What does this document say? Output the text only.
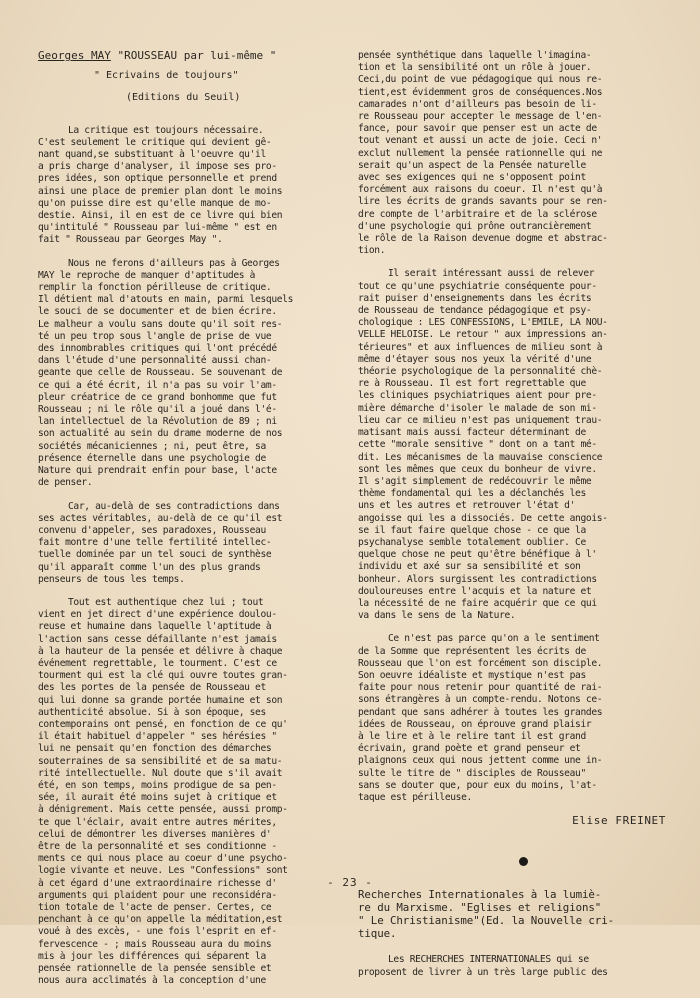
Georges MAY "ROUSSEAU par lui-même "
" Ecrivains de toujours"
(Editions du Seuil)

La critique est toujours nécessaire.
C'est seulement le critique qui devient gê-
nant quand,se substituant à l'oeuvre qu'il
a pris charge d'analyser, il impose ses pro-
pres idées, son optique personnelle et prend
ainsi une place de premier plan dont le moins
qu'on puisse dire est qu'elle manque de mo-
destie. Ainsi, il en est de ce livre qui bien
qu'intitulé " Rousseau par lui-même " est en
fait " Rousseau par Georges May ".

Nous ne ferons d'ailleurs pas à Georges
MAY le reproche de manquer d'aptitudes à
remplir la fonction périlleuse de critique.
Il détient mal d'atouts en main, parmi lesquels
le souci de se documenter et de bien écrire.
Le malheur a voulu sans doute qu'il soit res-
té un peu trop sous l'angle de prise de vue
des innombrables critiques qui l'ont précédé
dans l'étude d'une personnalité aussi chan-
geante que celle de Rousseau. Se souvenant de
ce qui a été écrit, il n'a pas su voir l'am-
pleur créatrice de ce grand bonhomme que fut
Rousseau ; ni le rôle qu'il a joué dans l'é-
lan intellectuel de la Révolution de 89 ; ni
son actualité au sein du drame moderne de nos
sociétés mécaniciennes ; ni, peut être, sa
présence éternelle dans une psychologie de
Nature qui prendrait enfin pour base, l'acte
de penser.

Car, au-delà de ses contradictions dans
ses actes véritables, au-delà de ce qu'il est
convenu d'appeler, ses paradoxes, Rousseau
fait montre d'une telle fertilité intellec-
tuelle dominée par un tel souci de synthèse
qu'il apparaît comme l'un des plus grands
penseurs de tous les temps.

Tout est authentique chez lui ; tout
vient en jet direct d'une expérience doulou-
reuse et humaine dans laquelle l'aptitude à
l'action sans cesse défaillante n'est jamais
à la hauteur de la pensée et délivre à chaque
événement regrettable, le tourment. C'est ce
tourment qui est la clé qui ouvre toutes gran-
des les portes de la pensée de Rousseau et
qui lui donne sa grande portée humaine et son
authenticité absolue. Si à son époque, ses
contemporains ont pensé, en fonction de ce qu'
il était habituel d'appeler " ses hérésies "
lui ne pensait qu'en fonction des démarches
souterraines de sa sensibilité et de sa matu-
rité intellectuelle. Nul doute que s'il avait
été, en son temps, moins prodigue de sa pen-
sée, il aurait été moins sujet à critique et
à dénigrement. Mais cette pensée, aussi promp-
te que l'éclair, avait entre autres mérites,
celui de démontrer les diverses manières d'
être de la personnalité et ses conditionne -
ments ce qui nous place au coeur d'une psycho-
logie vivante et neuve. Les "Confessions" sont
à cet égard d'une extraordinaire richesse d'
arguments qui plaident pour une reconsidéra-
tion totale de l'acte de penser. Certes, ce
penchant à ce qu'on appelle la méditation,est
voué à des excès, - une fois l'esprit en ef-
fervescence - ; mais Rousseau aura du moins
mis à jour les différences qui séparent la
pensée rationnelle de la pensée sensible et
nous aura acclimatés à la conception d'une

pensée synthétique dans laquelle l'imagina-
tion et la sensibilité ont un rôle à jouer.
Ceci,du point de vue pédagogique qui nous re-
tient,est évidemment gros de conséquences.Nos
camarades n'ont d'ailleurs pas besoin de li-
re Rousseau pour accepter le message de l'en-
fance, pour savoir que penser est un acte de
tout venant et aussi un acte de joie. Ceci n'
exclut nullement la pensée rationnelle qui ne
serait qu'un aspect de la Pensée naturelle
avec ses exigences qui ne s'opposent point
forcément aux raisons du coeur. Il n'est qu'à
lire les écrits de grands savants pour se ren-
dre compte de l'arbitraire et de la sclérose
d'une psychologie qui prône outrancièrement
le rôle de la Raison devenue dogme et abstrac-
tion.

Il serait intéressant aussi de relever
tout ce qu'une psychiatrie conséquente pour-
rait puiser d'enseignements dans les écrits
de Rousseau de tendance pédagogique et psy-
chologique : LES CONFESSIONS, L'EMILE, LA NOU-
VELLE HELOISE. Le retour " aux impressions an-
térieures" et aux influences de milieu sont à
même d'étayer sous nos yeux la vérité d'une
théorie psychologique de la personnalité chè-
re à Rousseau. Il est fort regrettable que
les cliniques psychiatriques aient pour pre-
mière démarche d'isoler le malade de son mi-
lieu car ce milieu n'est pas uniquement trau-
matisant mais aussi facteur déterminant de
cette "morale sensitive " dont on a tant mé-
dit. Les mécanismes de la mauvaise conscience
sont les mêmes que ceux du bonheur de vivre.
Il s'agit simplement de redécouvrir le même
thème fondamental qui les a déclanchés les
uns et les autres et retrouver l'état d'
angoisse qui les a dissociés. De cette angois-
se il faut faire quelque chose - ce que la
psychanalyse semble totalement oublier. Ce
quelque chose ne peut qu'être bénéfique à l'
individu et axé sur sa sensibilité et son
bonheur. Alors surgissent les contradictions
douloureuses entre l'acquis et la nature et
la nécessité de ne faire acquérir que ce qui
va dans le sens de la Nature.

Ce n'est pas parce qu'on a le sentiment
de la Somme que représentent les écrits de
Rousseau que l'on est forcément son disciple.
Son oeuvre idéaliste et mystique n'est pas
faite pour nous retenir pour quantité de rai-
sons étrangères à un compte-rendu. Notons ce-
pendant que sans adhérer à toutes les grandes
idées de Rousseau, on éprouve grand plaisir
à le lire et à le relire tant il est grand
écrivain, grand poète et grand penseur et
plaignons ceux qui nous jettent comme une in-
sulte le titre de " disciples de Rousseau"
sans se douter que, pour eux du moins, l'at-
taque est périlleuse.

Elise FREINET
Recherches Internationales à la lumiè-
re du Marxisme. "Eglises et religions"
" Le Christianisme"(Ed. la Nouvelle cri-
tique.

Les RECHERCHES INTERNATIONALES qui se
proposent de livrer à un très large public des

- 23 -
